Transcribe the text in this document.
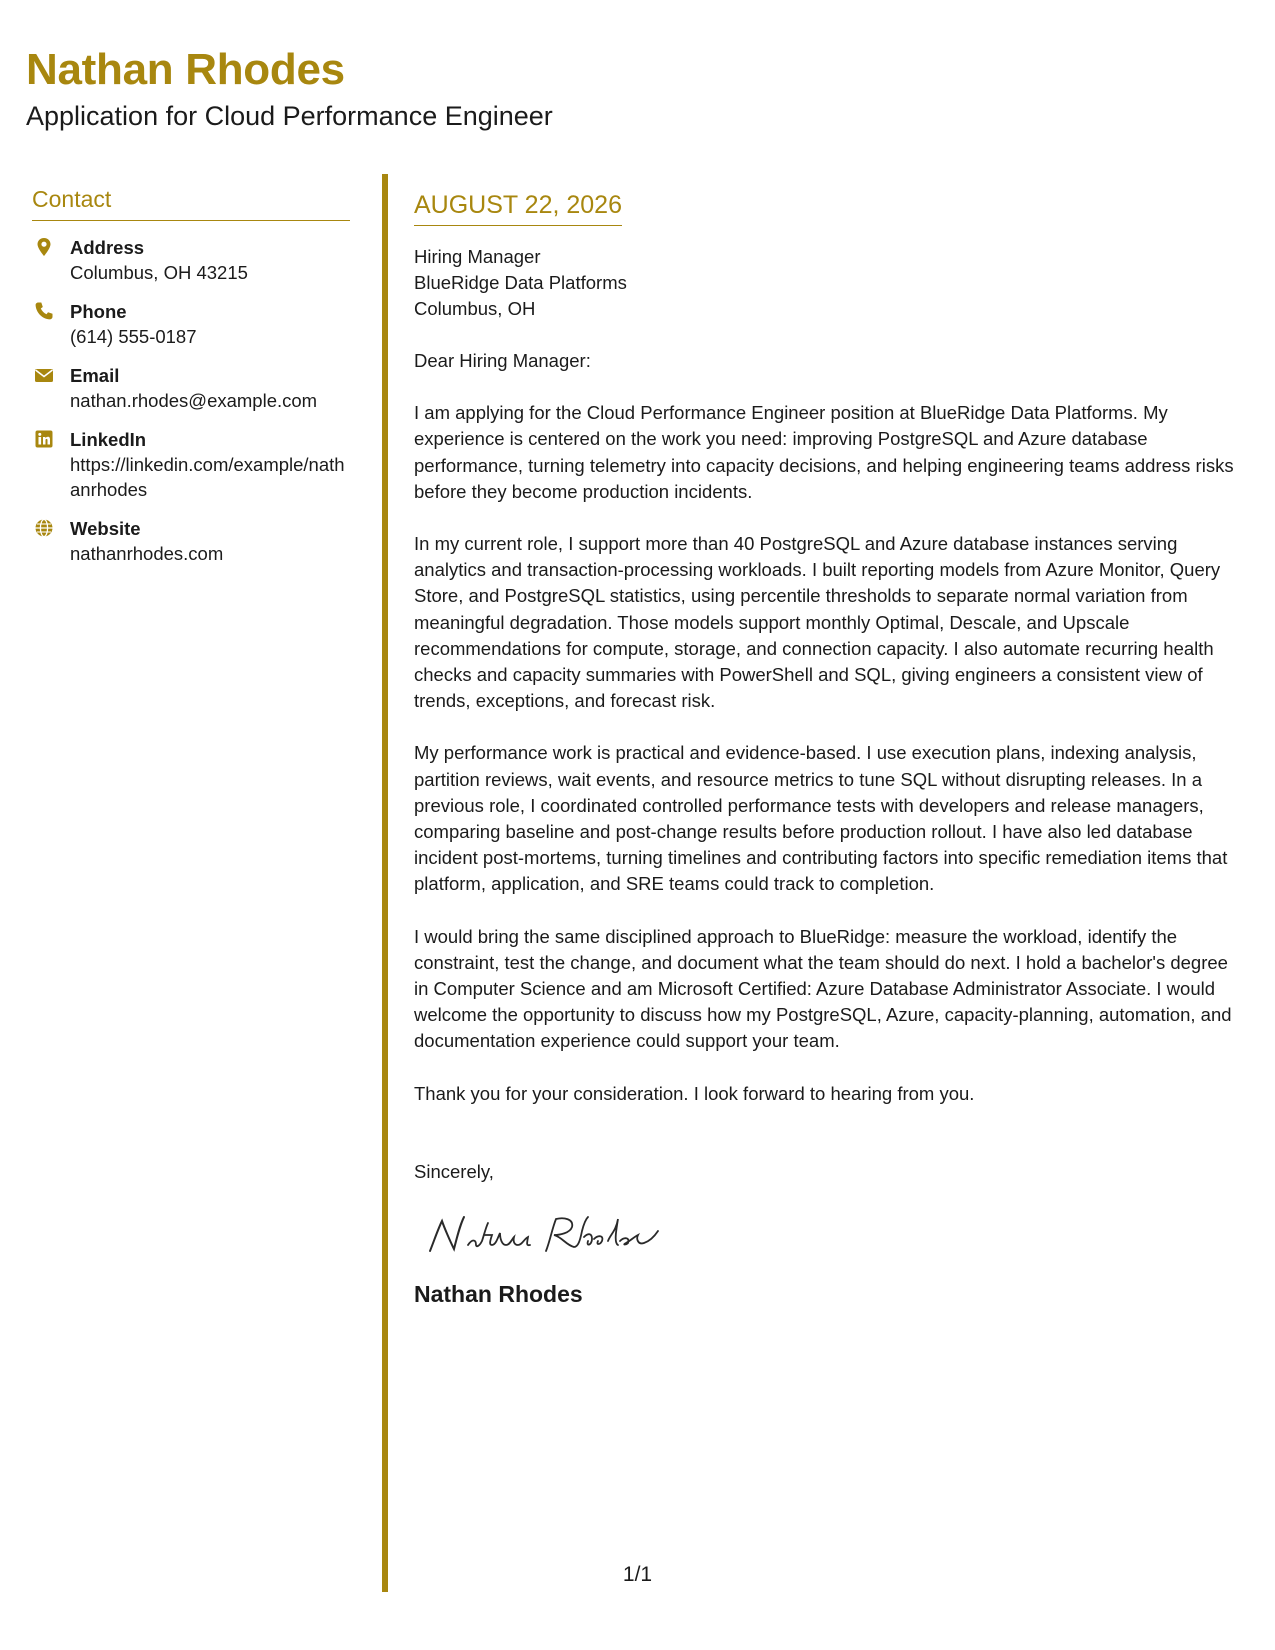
Nathan Rhodes
Application for Cloud Performance Engineer
Contact
Address
Columbus, OH 43215
Phone
(614) 555-0187
Email
nathan.rhodes@example.com
LinkedIn
https://linkedin.com/example/nathanrhodes
Website
nathanrhodes.com
AUGUST 22, 2026
Hiring Manager
BlueRidge Data Platforms
Columbus, OH

Dear Hiring Manager:

I am applying for the Cloud Performance Engineer position at BlueRidge Data Platforms. My experience is centered on the work you need: improving PostgreSQL and Azure database performance, turning telemetry into capacity decisions, and helping engineering teams address risks before they become production incidents.

In my current role, I support more than 40 PostgreSQL and Azure database instances serving analytics and transaction-processing workloads. I built reporting models from Azure Monitor, Query Store, and PostgreSQL statistics, using percentile thresholds to separate normal variation from meaningful degradation. Those models support monthly Optimal, Descale, and Upscale recommendations for compute, storage, and connection capacity. I also automate recurring health checks and capacity summaries with PowerShell and SQL, giving engineers a consistent view of trends, exceptions, and forecast risk.

My performance work is practical and evidence-based. I use execution plans, indexing analysis, partition reviews, wait events, and resource metrics to tune SQL without disrupting releases. In a previous role, I coordinated controlled performance tests with developers and release managers, comparing baseline and post-change results before production rollout. I have also led database incident post-mortems, turning timelines and contributing factors into specific remediation items that platform, application, and SRE teams could track to completion.

I would bring the same disciplined approach to BlueRidge: measure the workload, identify the constraint, test the change, and document what the team should do next. I hold a bachelor's degree in Computer Science and am Microsoft Certified: Azure Database Administrator Associate. I would welcome the opportunity to discuss how my PostgreSQL, Azure, capacity-planning, automation, and documentation experience could support your team.

Thank you for your consideration. I look forward to hearing from you.

Sincerely,

Nathan Rhodes
1/1
